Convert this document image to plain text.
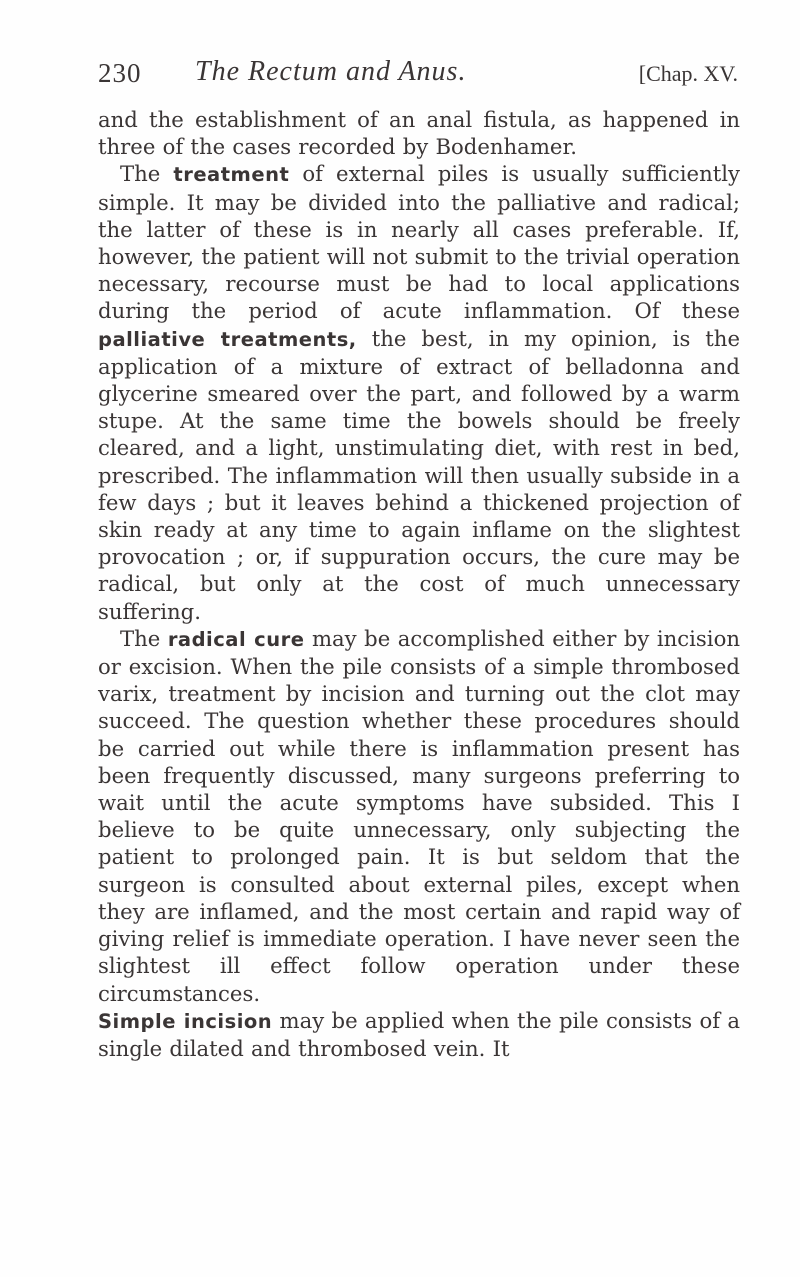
230 The Rectum and Anus.	[Chap. XV.

and the establishment of an anal fistula, as happened in three of the cases recorded by Bodenhamer.

The treatment of external piles is usually sufficiently simple. It may be divided into the palliative and radical; the latter of these is in nearly all cases preferable. If, however, the patient will not submit to the trivial operation necessary, recourse must be had to local applications during the period of acute inflammation. Of these palliative treatments, the best, in my opinion, is the application of a mixture of extract of belladonna and glycerine smeared over the part, and followed by a warm stupe. At the same time the bowels should be freely cleared, and a light, unstimulating diet, with rest in bed, prescribed. The inflammation will then usually subside in a few days ; but it leaves behind a thickened projection of skin ready at any time to again inflame on the slightest provocation ; or, if suppuration occurs, the cure may be radical, but only at the cost of much unnecessary suffering.

The radical cure may be accomplished either by incision or excision. When the pile consists of a simple thrombosed varix, treatment by incision and turning out the clot may succeed. The question whether these procedures should be carried out while there is inflammation present has been frequently discussed, many surgeons preferring to wait until the acute symptoms have subsided. This I believe to be quite unnecessary, only subjecting the patient to prolonged pain. It is but seldom that the surgeon is consulted about external piles, except when they are inflamed, and the most certain and rapid way of giving relief is immediate operation. I have never seen the slightest ill effect follow operation under these circumstances.

Simple incision may be applied when the pile consists of a single dilated and thrombosed vein. It
